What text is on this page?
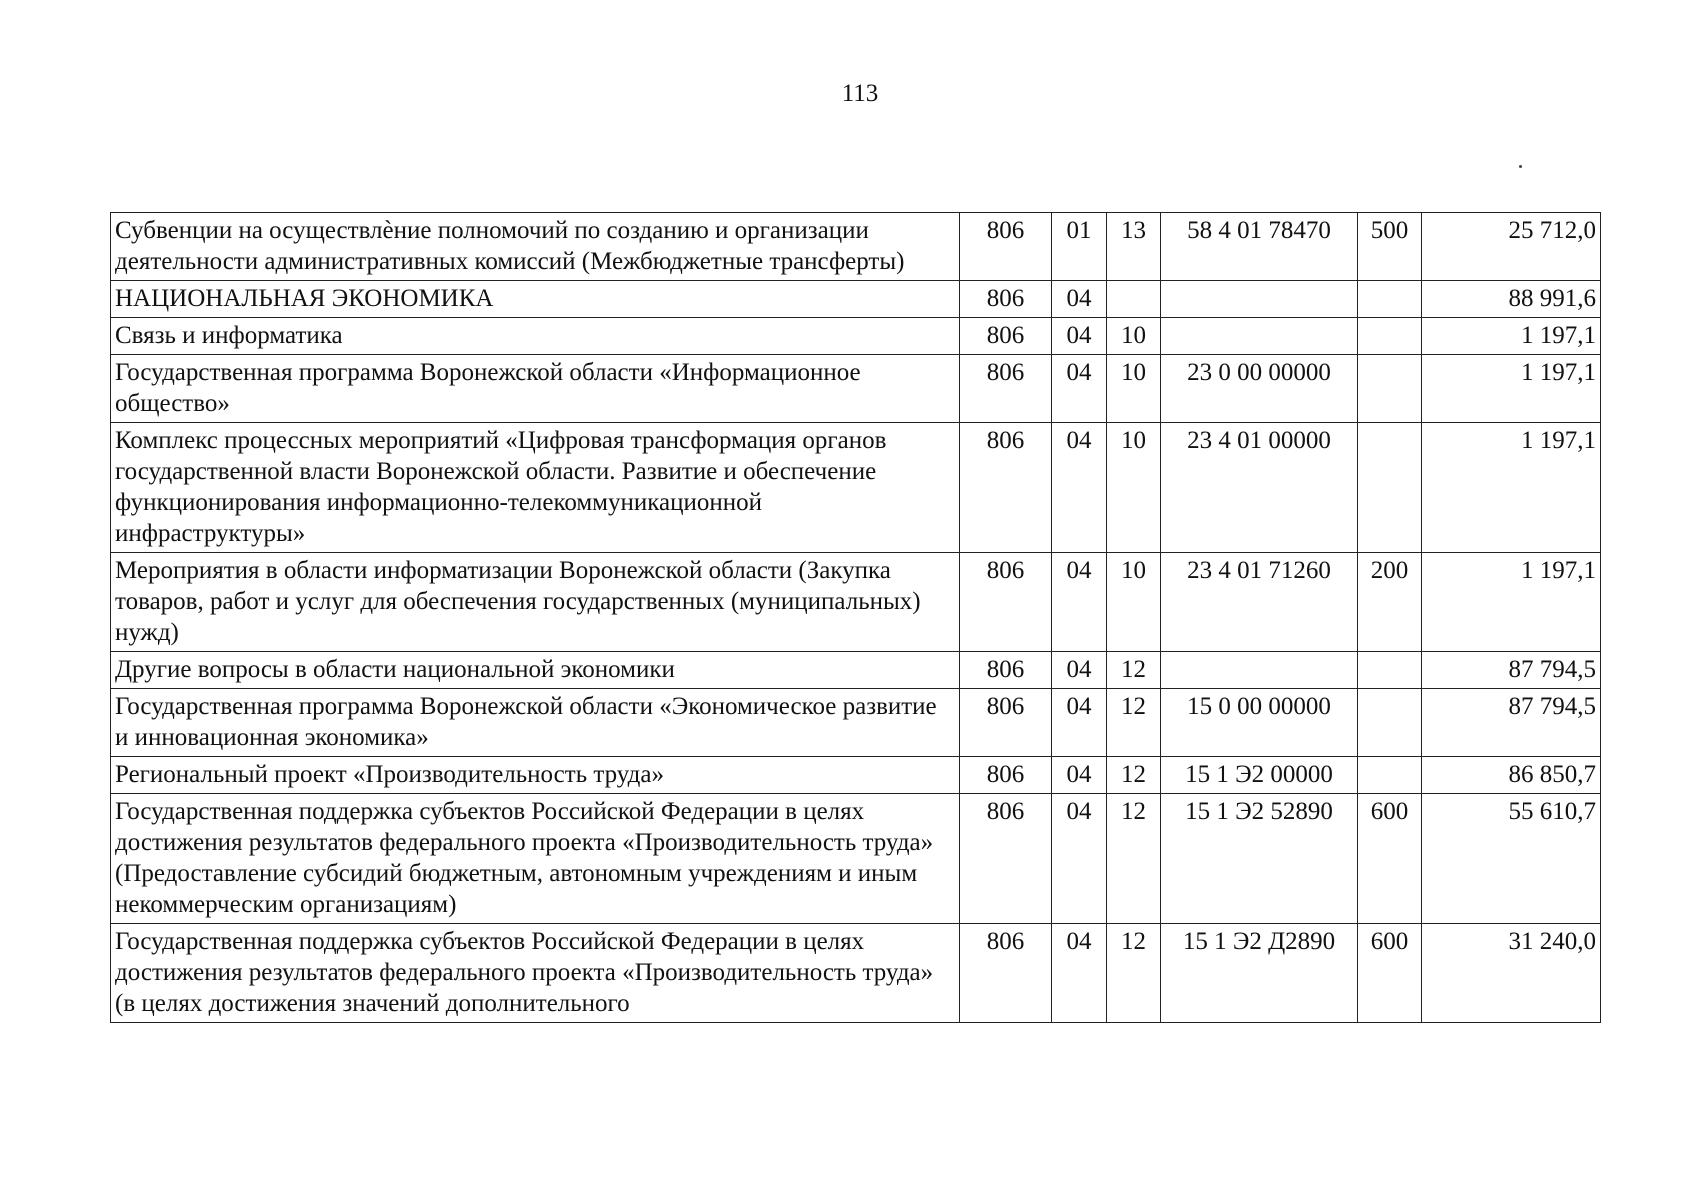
113
Субвенции на осуществлèние полномочий по созданию и организации деятельности административных комиссий (Межбюджетные трансферты)	806	01	13	58 4 01 78470	500	25 712,0
НАЦИОНАЛЬНАЯ ЭКОНОМИКА	806	04				88 991,6
Связь и информатика	806	04	10			1 197,1
Государственная программа Воронежской области «Информационное общество»	806	04	10	23 0 00 00000		1 197,1
Комплекс процессных мероприятий «Цифровая трансформация органов государственной власти Воронежской области. Развитие и обеспечение функционирования информационно-телекоммуникационной инфраструктуры»	806	04	10	23 4 01 00000		1 197,1
Мероприятия в области информатизации Воронежской области (Закупка товаров, работ и услуг для обеспечения государственных (муниципальных) нужд)	806	04	10	23 4 01 71260	200	1 197,1
Другие вопросы в области национальной экономики	806	04	12			87 794,5
Государственная программа Воронежской области «Экономическое развитие и инновационная экономика»	806	04	12	15 0 00 00000		87 794,5
Региональный проект «Производительность труда»	806	04	12	15 1 Э2 00000		86 850,7
Государственная поддержка субъектов Российской Федерации в целях достижения результатов федерального проекта «Производительность труда» (Предоставление субсидий бюджетным, автономным учреждениям и иным некоммерческим организациям)	806	04	12	15 1 Э2 52890	600	55 610,7
Государственная поддержка субъектов Российской Федерации в целях достижения результатов федерального проекта «Производительность труда» (в целях достижения значений дополнительного	806	04	12	15 1 Э2 Д2890	600	31 240,0
